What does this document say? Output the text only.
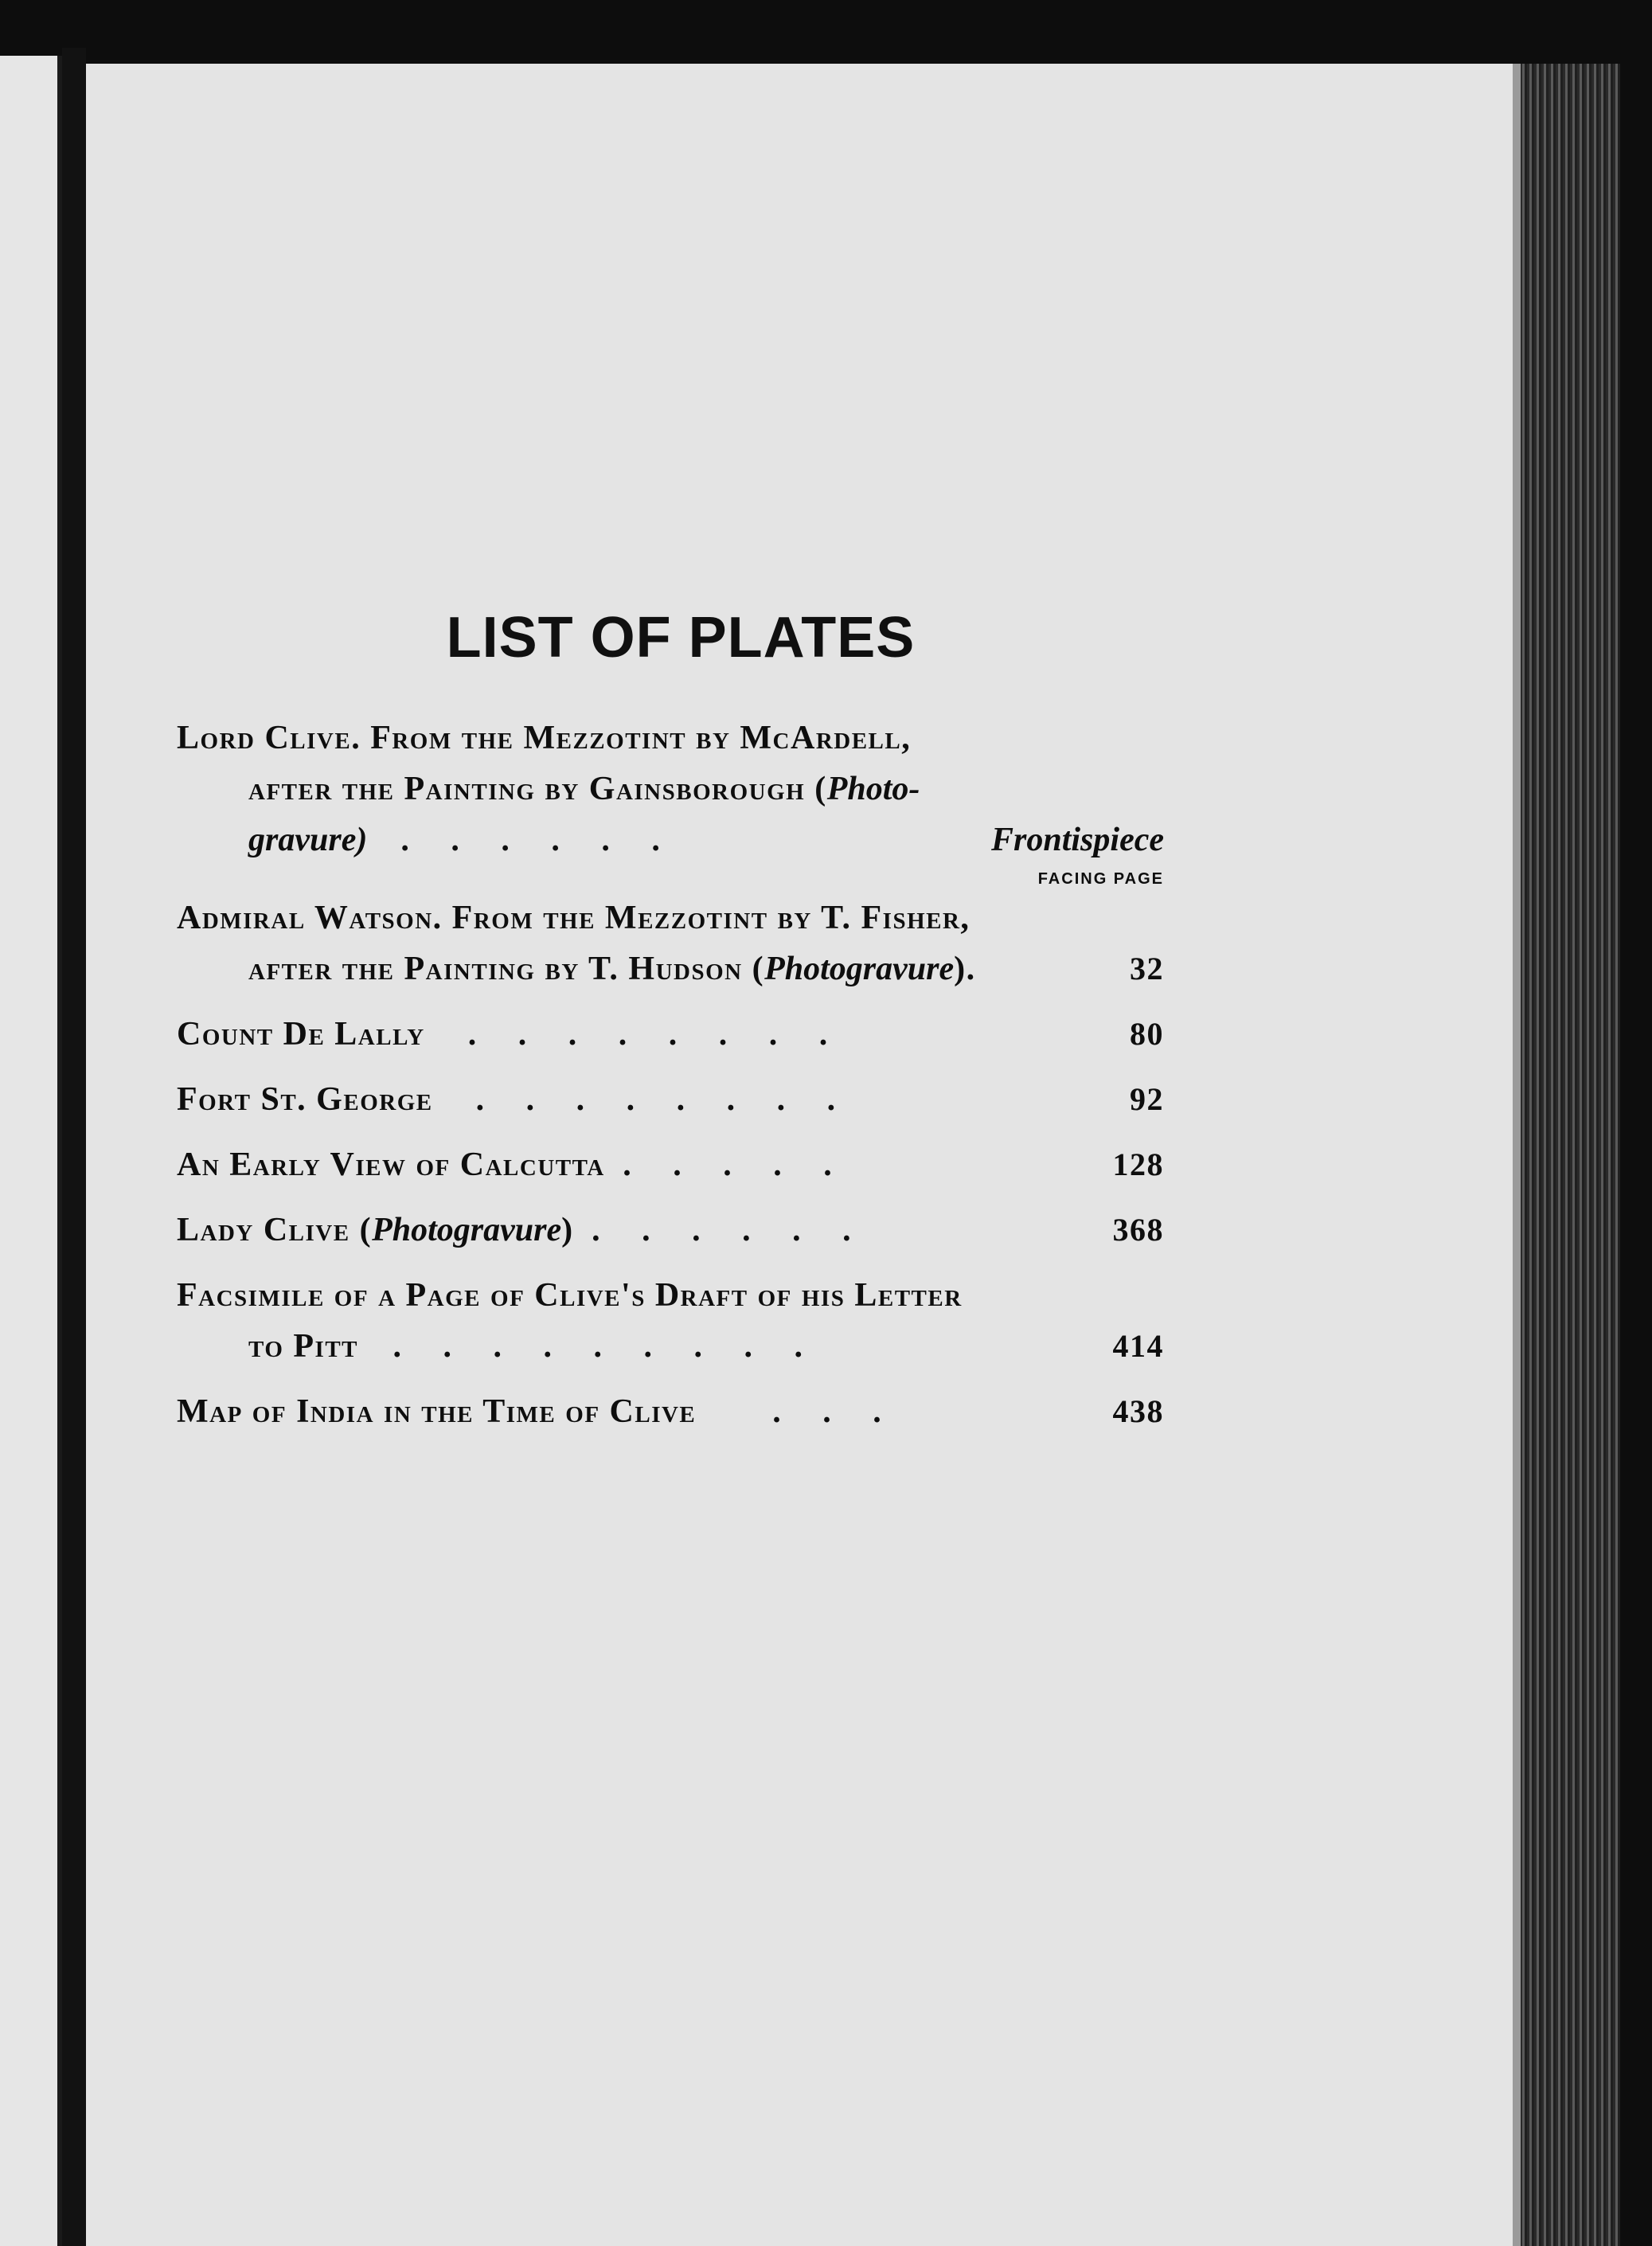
LIST OF PLATES
Lord Clive. From the Mezzotint by McArdell,
after the Painting by Gainsborough (Photo-
gravure)    .     .     .     .     .     .	Frontispiece
FACING PAGE
Admiral Watson. From the Mezzotint by T. Fisher,
after the Painting by T. Hudson (Photogravure).	32
Count De Lally     .     .     .     .     .     .     .     .	80
Fort St. George     .     .     .     .     .     .     .     .	92
An Early View of Calcutta  .     .     .     .     .	128
Lady Clive (Photogravure)  .     .     .     .     .     .	368
Facsimile of a Page of Clive's Draft of his Letter
to Pitt    .     .     .     .     .     .     .     .     .	414
Map of India in the Time of Clive         .     .     .	438
